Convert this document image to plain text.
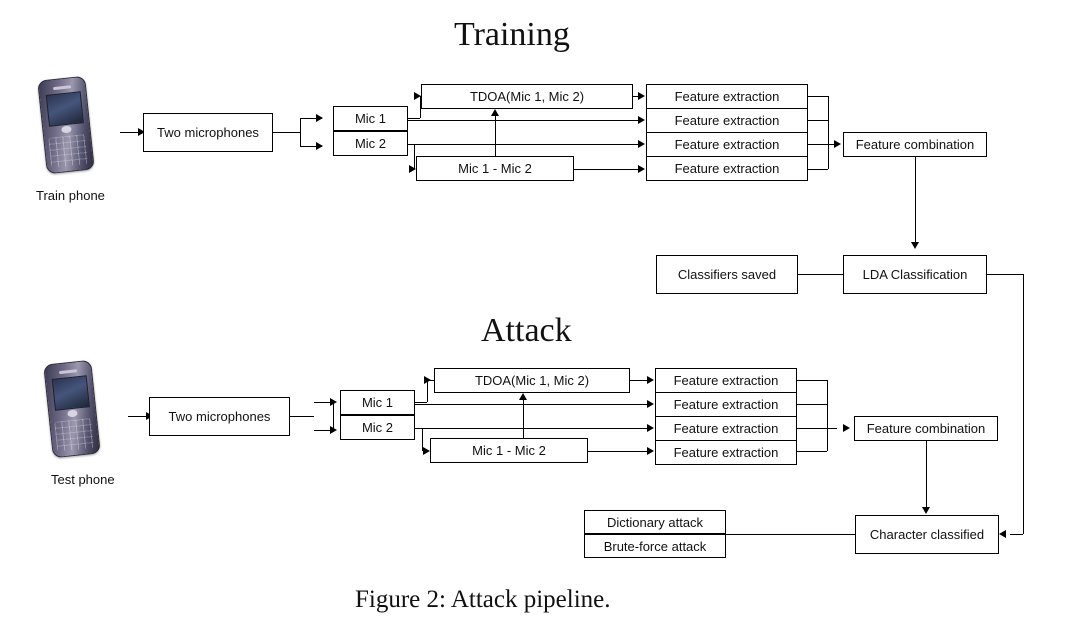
Training
Train phone
Two microphones
Mic 1
Mic 2
TDOA(Mic 1, Mic 2)
Mic 1 - Mic 2
Feature extraction
Feature extraction
Feature extraction
Feature extraction
Feature combination
LDA Classification
Classifiers saved
Attack
Test phone
Two microphones
Mic 1
Mic 2
TDOA(Mic 1, Mic 2)
Mic 1 - Mic 2
Feature extraction
Feature extraction
Feature extraction
Feature extraction
Feature combination
Character classified
Dictionary attack
Brute-force attack
Figure 2: Attack pipeline.
